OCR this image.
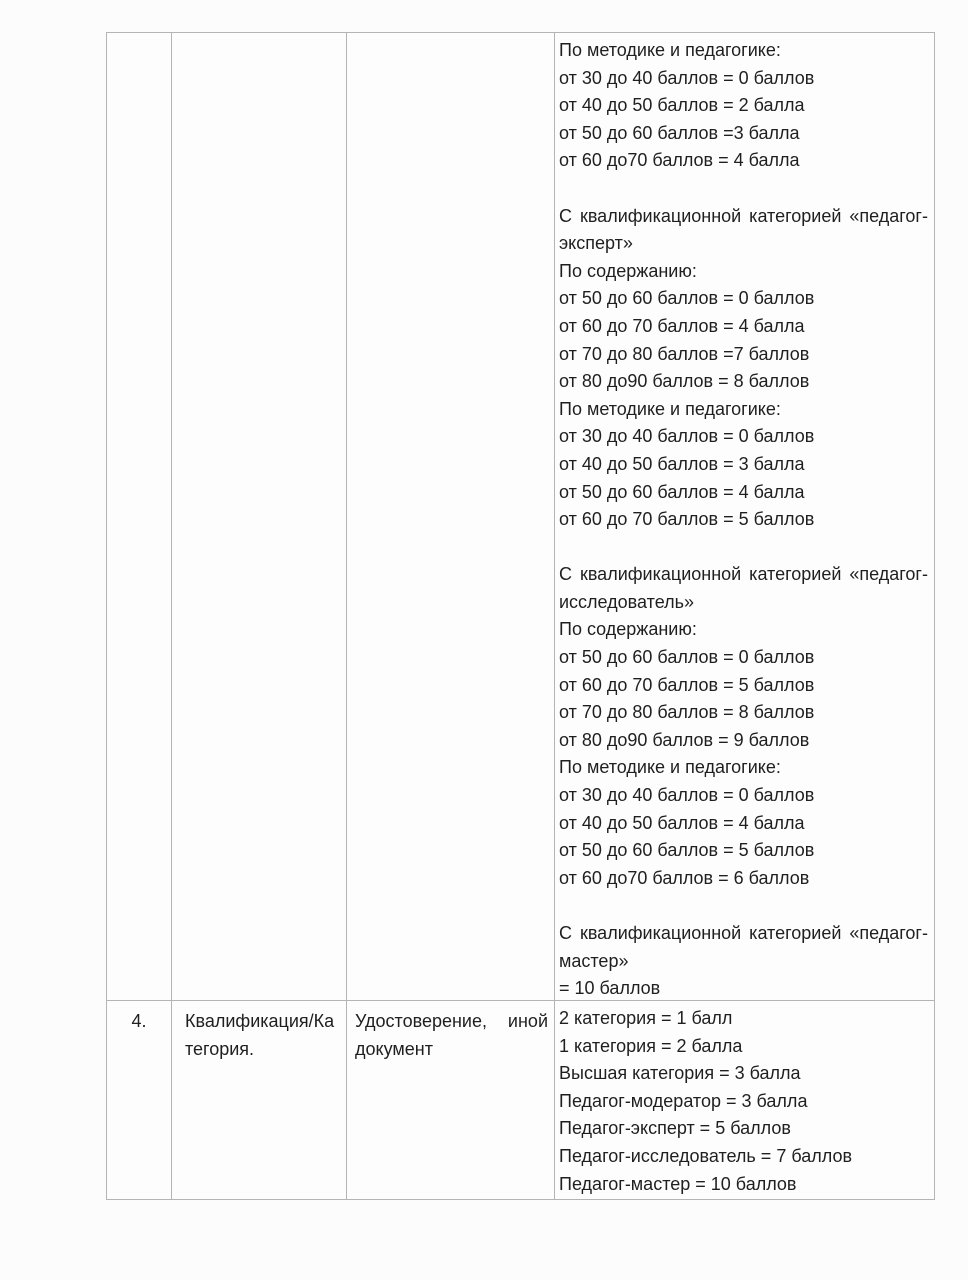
По методике и педагогике:
от 30 до 40 баллов = 0 баллов
от 40 до 50 баллов = 2 балла
от 50 до 60 баллов =3 балла
от 60 до70 баллов = 4 балла

С квалификационной категорией «педагог-
эксперт»
По содержанию:
от 50 до 60 баллов = 0 баллов
от 60 до 70 баллов = 4 балла
от 70 до 80 баллов =7 баллов
от 80 до90 баллов = 8 баллов
По методике и педагогике:
от 30 до 40 баллов = 0 баллов
от 40 до 50 баллов = 3 балла
от 50 до 60 баллов = 4 балла
от 60 до 70 баллов = 5 баллов

С квалификационной категорией «педагог-
исследователь»
По содержанию:
от 50 до 60 баллов = 0 баллов
от 60 до 70 баллов = 5 баллов
от 70 до 80 баллов = 8 баллов
от 80 до90 баллов = 9 баллов
По методике и педагогике:
от 30 до 40 баллов = 0 баллов
от 40 до 50 баллов = 4 балла
от 50 до 60 баллов = 5 баллов
от 60 до70 баллов = 6 баллов

С квалификационной категорией «педагог-
мастер»
= 10 баллов
4.	Квалификация/Ка
тегория.
Удостоверение, иной
документ
2 категория = 1 балл
1 категория = 2 балла
Высшая категория = 3 балла
Педагог-модератор = 3 балла
Педагог-эксперт = 5 баллов
Педагог-исследователь = 7 баллов
Педагог-мастер = 10 баллов
